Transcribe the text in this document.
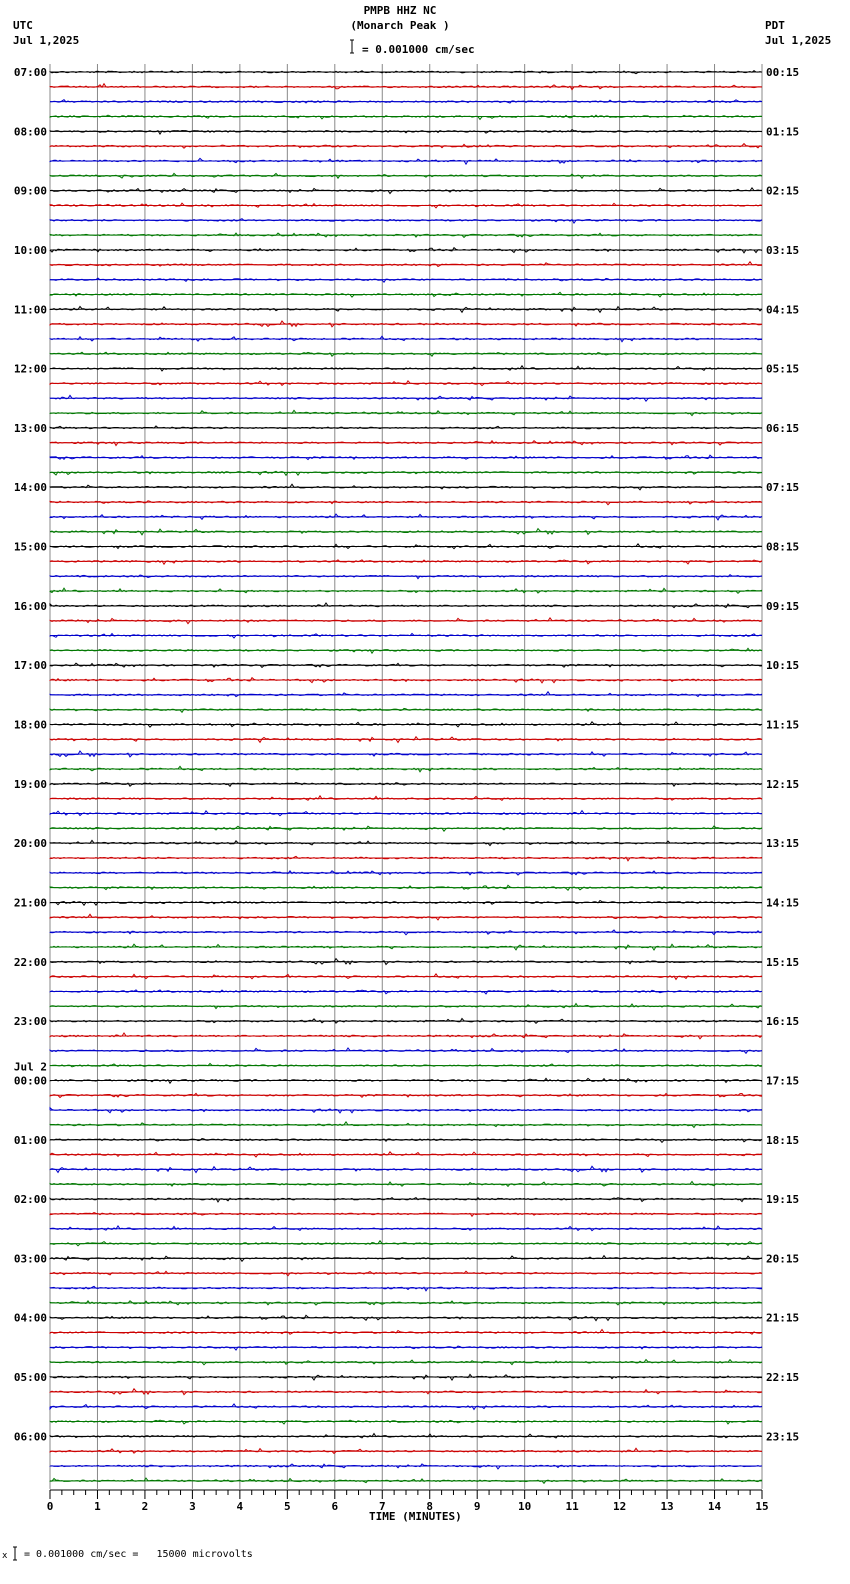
0	1	2	3	4	5	6	7	8	9	10	11	12	13	14	15
07:00
08:00
09:00
10:00
11:00
12:00
13:00
14:00
15:00
16:00
17:00
18:00
19:00
20:00
21:00
22:00
23:00
00:00
Jul 2
01:00
02:00
03:00
04:00
05:00
06:00
00:15
01:15
02:15
03:15
04:15
05:15
06:15
07:15
08:15
09:15
10:15
11:15
12:15
13:15
14:15
15:15
16:15
17:15
18:15
19:15
20:15
21:15
22:15
23:15
PMPB HHZ NC
(Monarch Peak )
= 0.001000 cm/sec
UTC
Jul 1,2025
PDT
Jul 1,2025
TIME (MINUTES)
x = 0.001000 cm/sec =   15000 microvolts
